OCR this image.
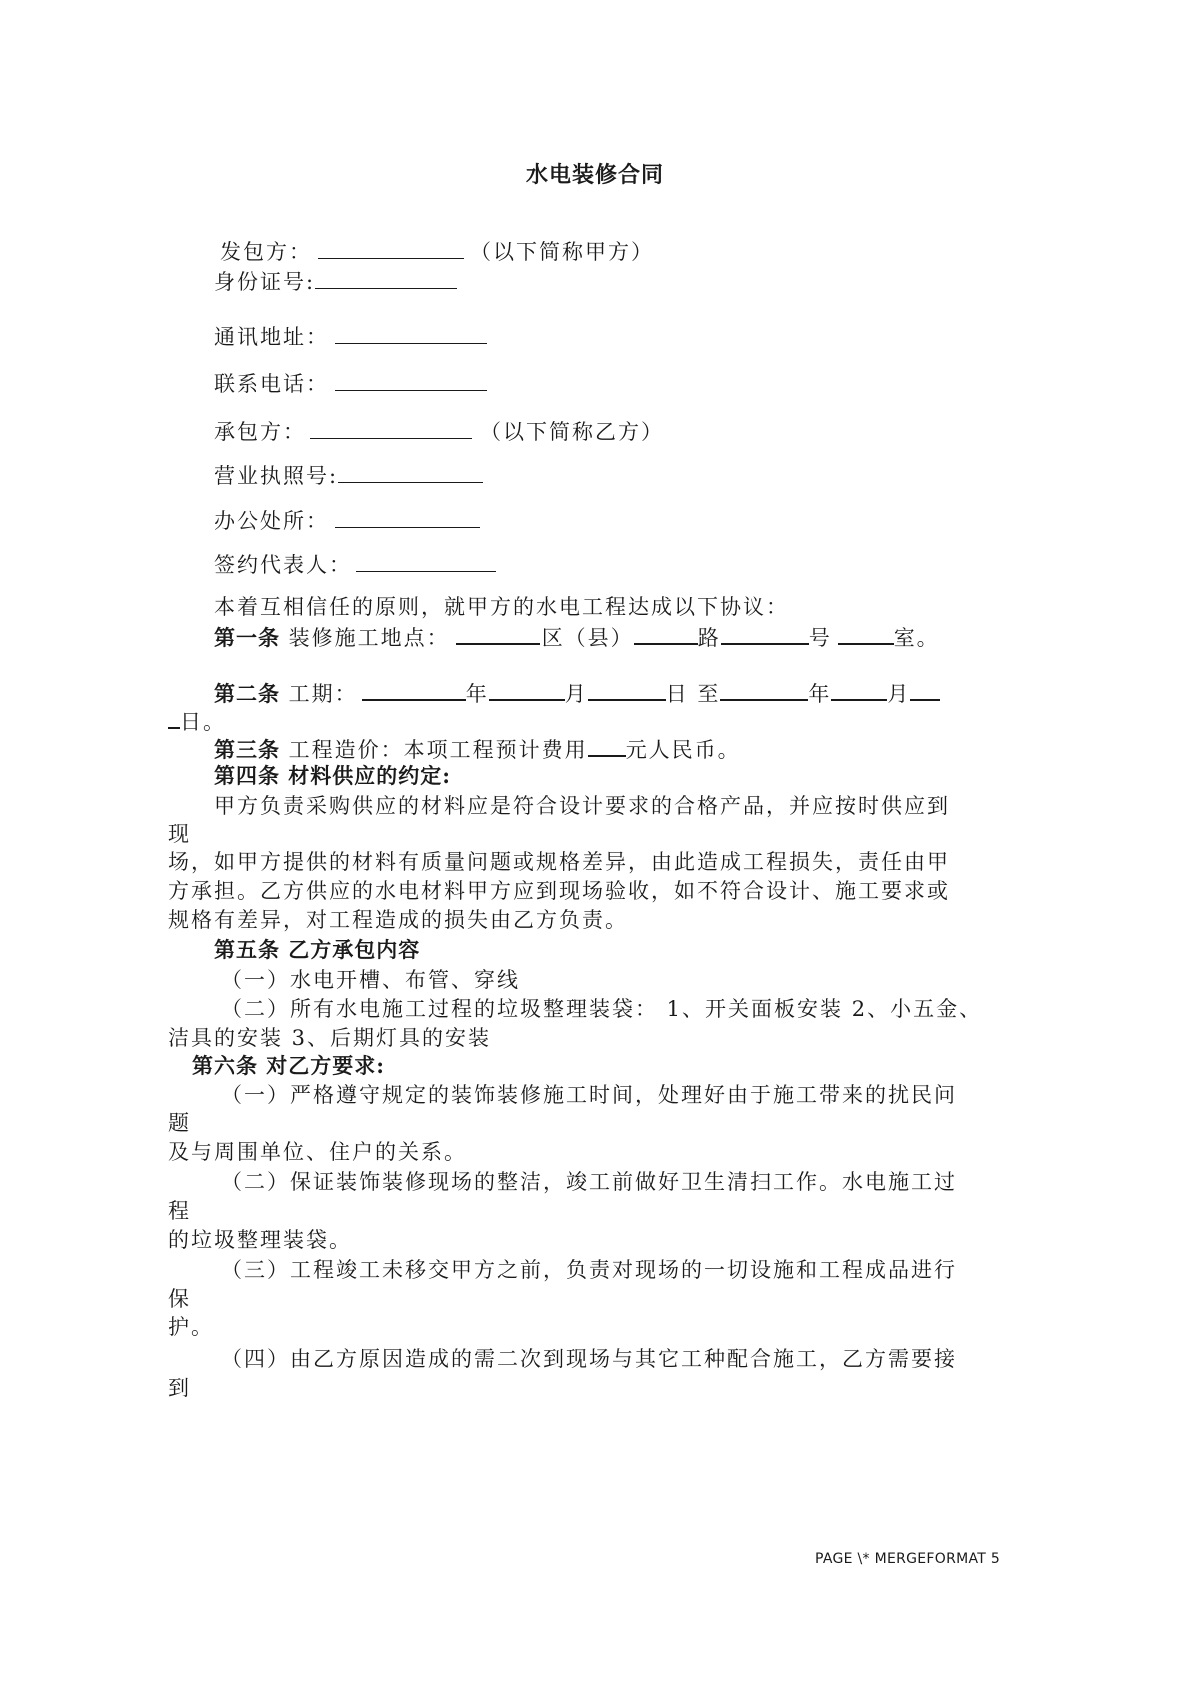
水电装修合同
发包方：	（以下简称甲方）
身份证号:
通讯地址：
联系电话：
承包方：	（以下简称乙方）
营业执照号:
办公处所：
签约代表人：
本着互相信任的原则，就甲方的水电工程达成以下协议：
第一条 装修施工地点：	区（县）	路	号	室。
第二条 工期：	年	月	日 至	年	月
日。
第三条 工程造价：本项工程预计费用 元人民币。
第四条 材料供应的约定:
甲方负责采购供应的材料应是符合设计要求的合格产品，并应按时供应到
现
场，如甲方提供的材料有质量问题或规格差异，由此造成工程损失，责任由甲
方承担。乙方供应的水电材料甲方应到现场验收，如不符合设计、施工要求或
规格有差异，对工程造成的损失由乙方负责。
第五条 乙方承包内容
（一）水电开槽、布管、穿线
（二）所有水电施工过程的垃圾整理装袋： 1、开关面板安装 2、小五金、
洁具的安装 3、后期灯具的安装
第六条 对乙方要求:
（一）严格遵守规定的装饰装修施工时间，处理好由于施工带来的扰民问
题
及与周围单位、住户的关系。
（二）保证装饰装修现场的整洁，竣工前做好卫生清扫工作。水电施工过
程
的垃圾整理装袋。
（三）工程竣工未移交甲方之前，负责对现场的一切设施和工程成品进行
保
护。
（四）由乙方原因造成的需二次到现场与其它工种配合施工，乙方需要接
到
PAGE \* MERGEFORMAT 5
